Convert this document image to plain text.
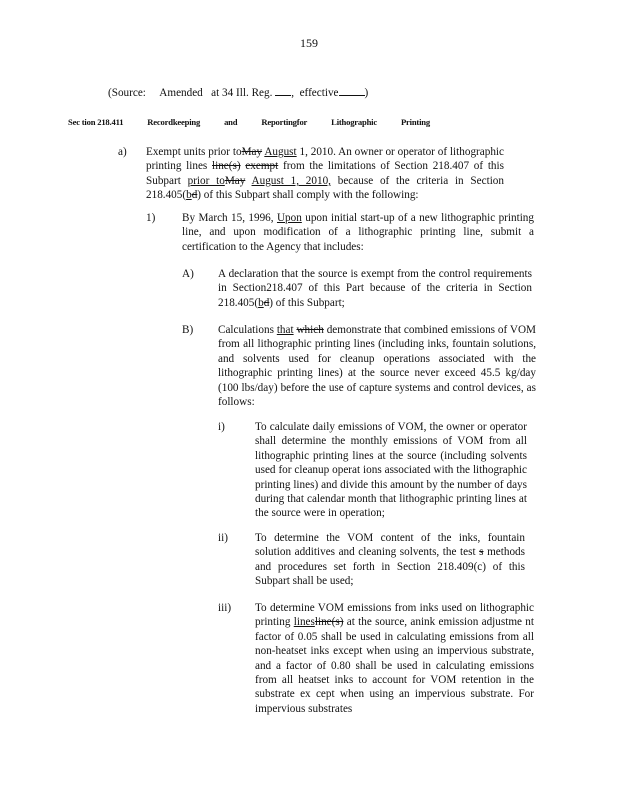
159
(Source: Amended at 34 Ill. Reg. , effective )
Sec tion 218.411	Recordkeeping	and	Reportingfor	Lithographic	Printing
a) Exempt units prior toMay August 1, 2010. An owner or operator of lithographic printing lines line(s) exempt from the limitations of Section 218.407 of this Subpart prior toMay August 1, 2010, because of the criteria in Section 218.405(bd) of this Subpart shall comply with the following:
1) By March 15, 1996, Upon upon initial start-up of a new lithographic printing line, and upon modification of a lithographic printing line, submit a certification to the Agency that includes:
A) A declaration that the source is exempt from the control requirements in Section218.407 of this Part because of the criteria in Section 218.405(bd) of this Subpart;
B) Calculations that which demonstrate that combined emissions of VOM from all lithographic printing lines (including inks, fountain solutions, and solvents used for cleanup operations associated with the lithographic printing lines) at the source never exceed 45.5 kg/day (100 lbs/day) before the use of capture systems and control devices, as follows:
i)	To calculate daily emissions of VOM, the owner or operator shall determine the monthly emissions of VOM from all lithographic printing lines at the source (including solvents used for cleanup operat ions associated with the lithographic printing lines) and divide this amount by the number of days during that calendar month that lithographic printing lines at the source were in operation;
ii) To determine the VOM content of the inks, fountain solution additives and cleaning solvents, the test s methods and procedures set forth in Section 218.409(c) of this Subpart shall be used;
iii) To determine VOM emissions from inks used on lithographic printing linesline(s) at the source, anink emission adjustme nt factor of 0.05 shall be used in calculating emissions from all non-heatset inks except when using an impervious substrate, and a factor of 0.80 shall be used in calculating emissions from all heatset inks to account for VOM retention in the substrate ex cept when using an impervious substrate. For impervious substrates
